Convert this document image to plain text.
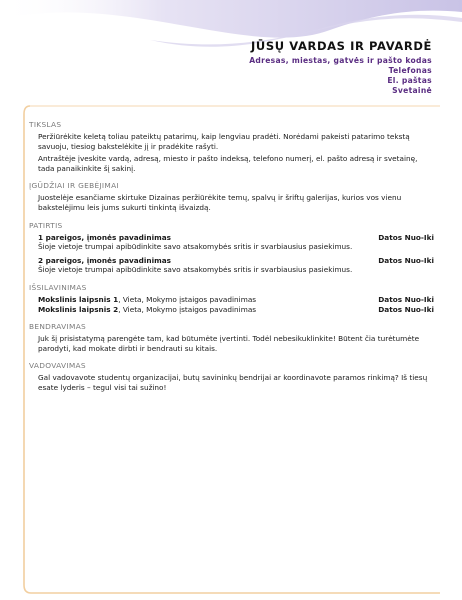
JŪSŲ VARDAS IR PAVARDĖ
Adresas, miestas, gatvės ir pašto kodas
Telefonas
El. paštas
Svetainė
TIKSLAS

Peržiūrėkite keletą toliau pateiktų patarimų, kaip lengviau pradėti. Norėdami pakeisti patarimo tekstą savuoju, tiesiog bakstelėkite jį ir pradėkite rašyti.

Antraštėje įveskite vardą, adresą, miesto ir pašto indeksą, telefono numerį, el. pašto adresą ir svetainę, tada panaikinkite šį sakinį.

ĮGŪDŽIAI IR GEBĖJIMAI

Juostelėje esančiame skirtuke Dizainas peržiūrėkite temų, spalvų ir šriftų galerijas, kurios vos vienu bakstelėjimu leis jums sukurti tinkintą išvaizdą.

PATIRTIS
1 pareigos, įmonės pavadinimas	Datos Nuo-Iki
Šioje vietoje trumpai apibūdinkite savo atsakomybės sritis ir svarbiausius pasiekimus.
2 pareigos, įmonės pavadinimas	Datos Nuo-Iki
Šioje vietoje trumpai apibūdinkite savo atsakomybės sritis ir svarbiausius pasiekimus.
IŠSILAVINIMAS
Mokslinis laipsnis 1, Vieta, Mokymo įstaigos pavadinimas	Datos Nuo-Iki
Mokslinis laipsnis 2, Vieta, Mokymo įstaigos pavadinimas	Datos Nuo-Iki
BENDRAVIMAS

Juk šį prisistatymą parengėte tam, kad būtumėte įvertinti. Todėl nebesikuklinkite! Būtent čia turėtumėte parodyti, kad mokate dirbti ir bendrauti su kitais.

VADOVAVIMAS

Gal vadovavote studentų organizacijai, butų savininkų bendrijai ar koordinavote paramos rinkimą? Iš tiesų esate lyderis – tegul visi tai sužino!
